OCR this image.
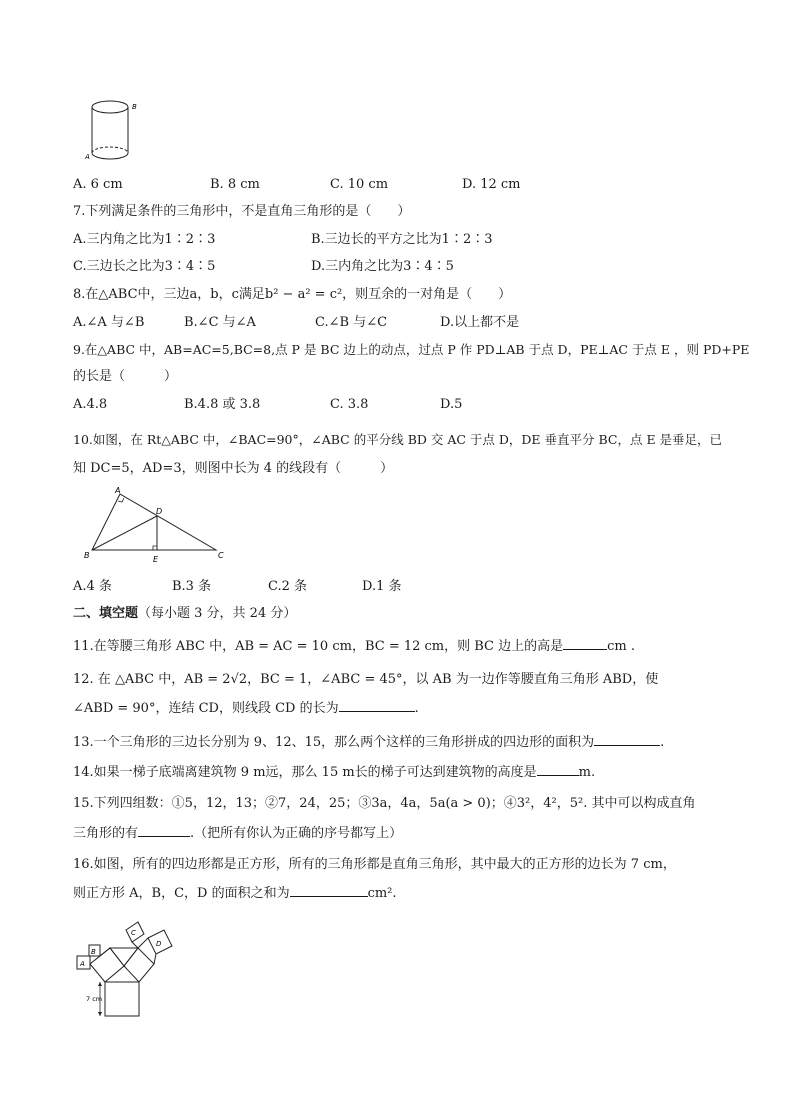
B
A
A. 6 cm	B. 8 cm	C. 10 cm	D. 12 cm
7.下列满足条件的三角形中，不是直角三角形的是（　　）
A.三内角之比为1∶2∶3	B.三边长的平方之比为1∶2∶3
C.三边长之比为3∶4∶5	D.三内角之比为3∶4∶5
8.在△ABC中，三边a，b，c满足b² − a² = c²，则互余的一对角是（　　）
A.∠A 与∠B	B.∠C 与∠A	C.∠B 与∠C	D.以上都不是
9.在△ABC 中，AB=AC=5,BC=8,点 P 是 BC 边上的动点，过点 P 作 PD⊥AB 于点 D，PE⊥AC 于点 E ，则 PD+PE
的长是（　　　）
A.4.8	B.4.8 或 3.8	C. 3.8	D.5
10.如图，在 Rt△ABC 中，∠BAC=90°，∠ABC 的平分线 BD 交 AC 于点 D，DE 垂直平分 BC，点 E 是垂足，已
知 DC=5，AD=3，则图中长为 4 的线段有（　　　）
A
B	C
D
E
A.4 条	B.3 条	C.2 条	D.1 条
二、填空题（每小题 3 分，共 24 分）
11.在等腰三角形 ABC 中，AB = AC = 10 cm，BC = 12 cm，则 BC 边上的高是	cm .
12. 在 △ABC 中，AB = 2√2，BC = 1，∠ABC = 45°，以 AB 为一边作等腰直角三角形 ABD，使
∠ABD = 90°，连结 CD，则线段 CD 的长为	.
13.一个三角形的三边长分别为 9、12、15，那么两个这样的三角形拼成的四边形的面积为	.
14.如果一梯子底端离建筑物 9 m远，那么 15 m长的梯子可达到建筑物的高度是	m.
15.下列四组数：①5，12，13；②7，24，25；③3a，4a，5a(a > 0)；④3²，4²，5². 其中可以构成直角
三角形的有	.（把所有你认为正确的序号都写上）
16.如图，所有的四边形都是正方形，所有的三角形都是直角三角形，其中最大的正方形的边长为 7 cm，
则正方形 A，B，C，D 的面积之和为	cm².
7 cm
A
B
C
D
